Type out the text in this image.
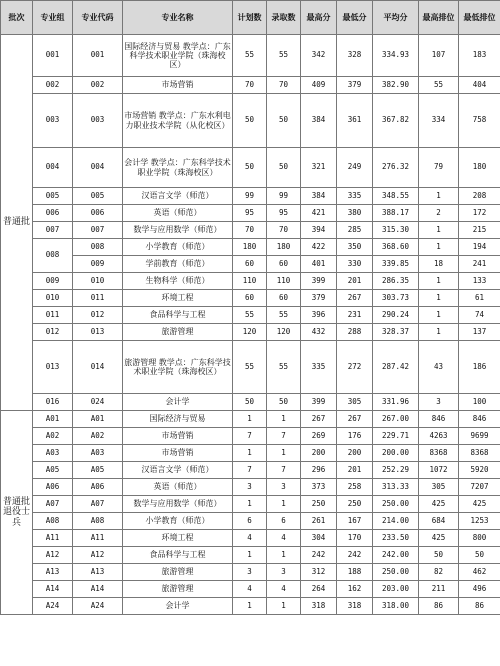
批次	专业组	专业代码	专业名称	计划数	录取数	最高分	最低分	平均分	最高排位	最低排位
普通批	001	001	国际经济与贸易 教学点：广东科学技术职业学院（珠海校区）	55	55	342	328	334.93	107	183
	002	002	市场营销	70	70	409	379	382.90	55	404
	003	003	市场营销 教学点：广东水利电力职业技术学院（从化校区）	50	50	384	361	367.82	334	758
	004	004	会计学 教学点：广东科学技术职业学院（珠海校区）	50	50	321	249	276.32	79	180
	005	005	汉语言文学（师范）	99	99	384	335	348.55	1	208
	006	006	英语（师范）	95	95	421	380	388.17	2	172
	007	007	数学与应用数学（师范）	70	70	394	285	315.30	1	215
	008	008	小学教育（师范）	180	180	422	350	368.60	1	194
		009	学前教育（师范）	60	60	401	330	339.85	18	241
	009	010	生物科学（师范）	110	110	399	201	286.35	1	133
	010	011	环境工程	60	60	379	267	303.73	1	61
	011	012	食品科学与工程	55	55	396	231	290.24	1	74
	012	013	旅游管理	120	120	432	288	328.37	1	137
	013	014	旅游管理 教学点：广东科学技术职业学院（珠海校区）	55	55	335	272	287.42	43	186
	016	024	会计学	50	50	399	305	331.96	3	100
普通批退役士兵	A01	A01	国际经济与贸易	1	1	267	267	267.00	846	846
	A02	A02	市场营销	7	7	269	176	229.71	4263	9699
	A03	A03	市场营销	1	1	200	200	200.00	8368	8368
	A05	A05	汉语言文学（师范）	7	7	296	201	252.29	1072	5920
	A06	A06	英语（师范）	3	3	373	258	313.33	305	7207
	A07	A07	数学与应用数学（师范）	1	1	250	250	250.00	425	425
	A08	A08	小学教育（师范）	6	6	261	167	214.00	684	1253
	A11	A11	环境工程	4	4	304	170	233.50	425	800
	A12	A12	食品科学与工程	1	1	242	242	242.00	50	50
	A13	A13	旅游管理	3	3	312	188	250.00	82	462
	A14	A14	旅游管理	4	4	264	162	203.00	211	496
	A24	A24	会计学	1	1	318	318	318.00	86	86
